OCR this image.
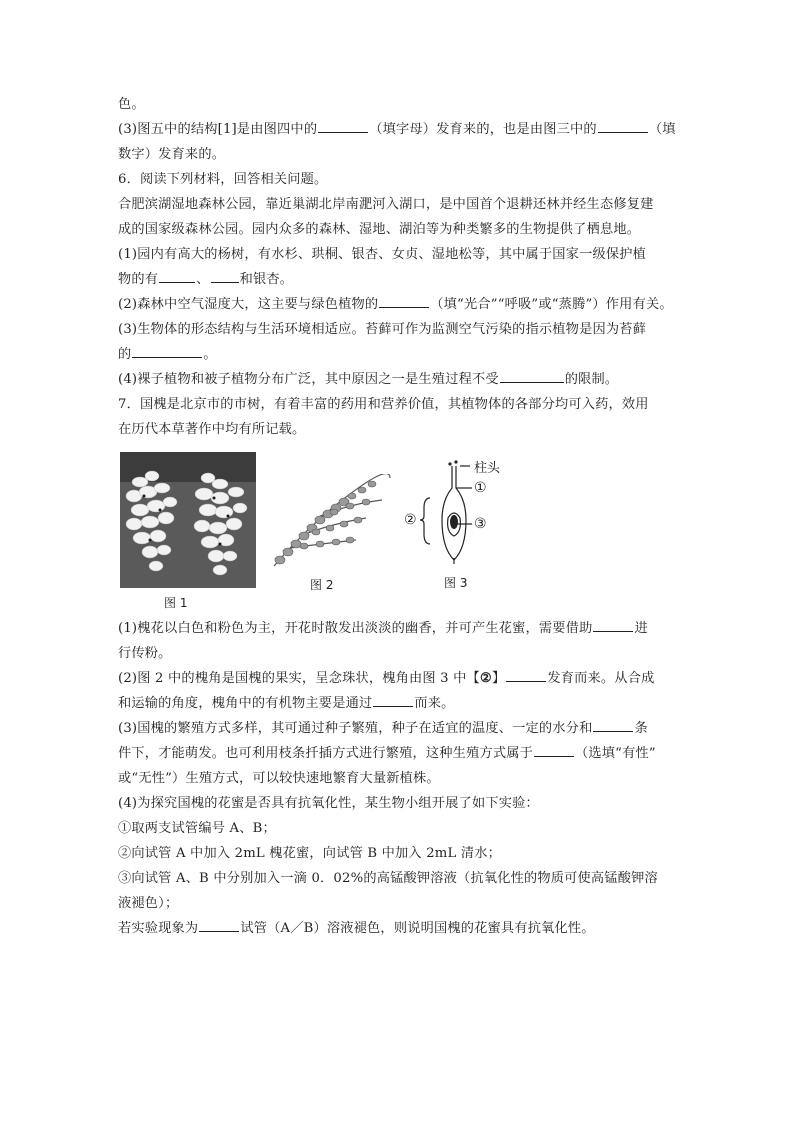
色。
(3)图五中的结构[1]是由图四中的	（填字母）发育来的，也是由图三中的	（填
数字）发育来的。
6．阅读下列材料，回答相关问题。
合肥滨湖湿地森林公园，靠近巢湖北岸南淝河入湖口，是中国首个退耕还林并经生态修复建
成的国家级森林公园。园内众多的森林、湿地、湖泊等为种类繁多的生物提供了栖息地。
(1)园内有高大的杨树，有水杉、珙桐、银杏、女贞、湿地松等，其中属于国家一级保护植
物的有	、 和银杏。
(2)森林中空气湿度大，这主要与绿色植物的	（填“光合”“呼吸”或“蒸腾”）作用有关。
(3)生物体的形态结构与生活环境相适应。苔藓可作为监测空气污染的指示植物是因为苔藓
的	。
(4)裸子植物和被子植物分布广泛，其中原因之一是生殖过程不受	的限制。
7．国槐是北京市的市树，有着丰富的药用和营养价值，其植物体的各部分均可入药，效用
在历代本草著作中均有所记载。
图 1
图 2
柱头
①
②	③
图 3
(1)槐花以白色和粉色为主，开花时散发出淡淡的幽香，并可产生花蜜，需要借助	进
行传粉。
(2)图 2 中的槐角是国槐的果实，呈念珠状，槐角由图 3 中【②】	发育而来。从合成
和运输的角度，槐角中的有机物主要是通过	而来。
(3)国槐的繁殖方式多样，其可通过种子繁殖，种子在适宜的温度、一定的水分和	条
件下，才能萌发。也可利用枝条扦插方式进行繁殖，这种生殖方式属于	（选填“有性”
或“无性”）生殖方式，可以较快速地繁育大量新植株。
(4)为探究国槐的花蜜是否具有抗氧化性，某生物小组开展了如下实验：
①取两支试管编号 A、B；
②向试管 A 中加入 2mL 槐花蜜，向试管 B 中加入 2mL 清水；
③向试管 A、B 中分别加入一滴 0．02%的高锰酸钾溶液（抗氧化性的物质可使高锰酸钾溶
液褪色）；
若实验现象为	试管（A／B）溶液褪色，则说明国槐的花蜜具有抗氧化性。
